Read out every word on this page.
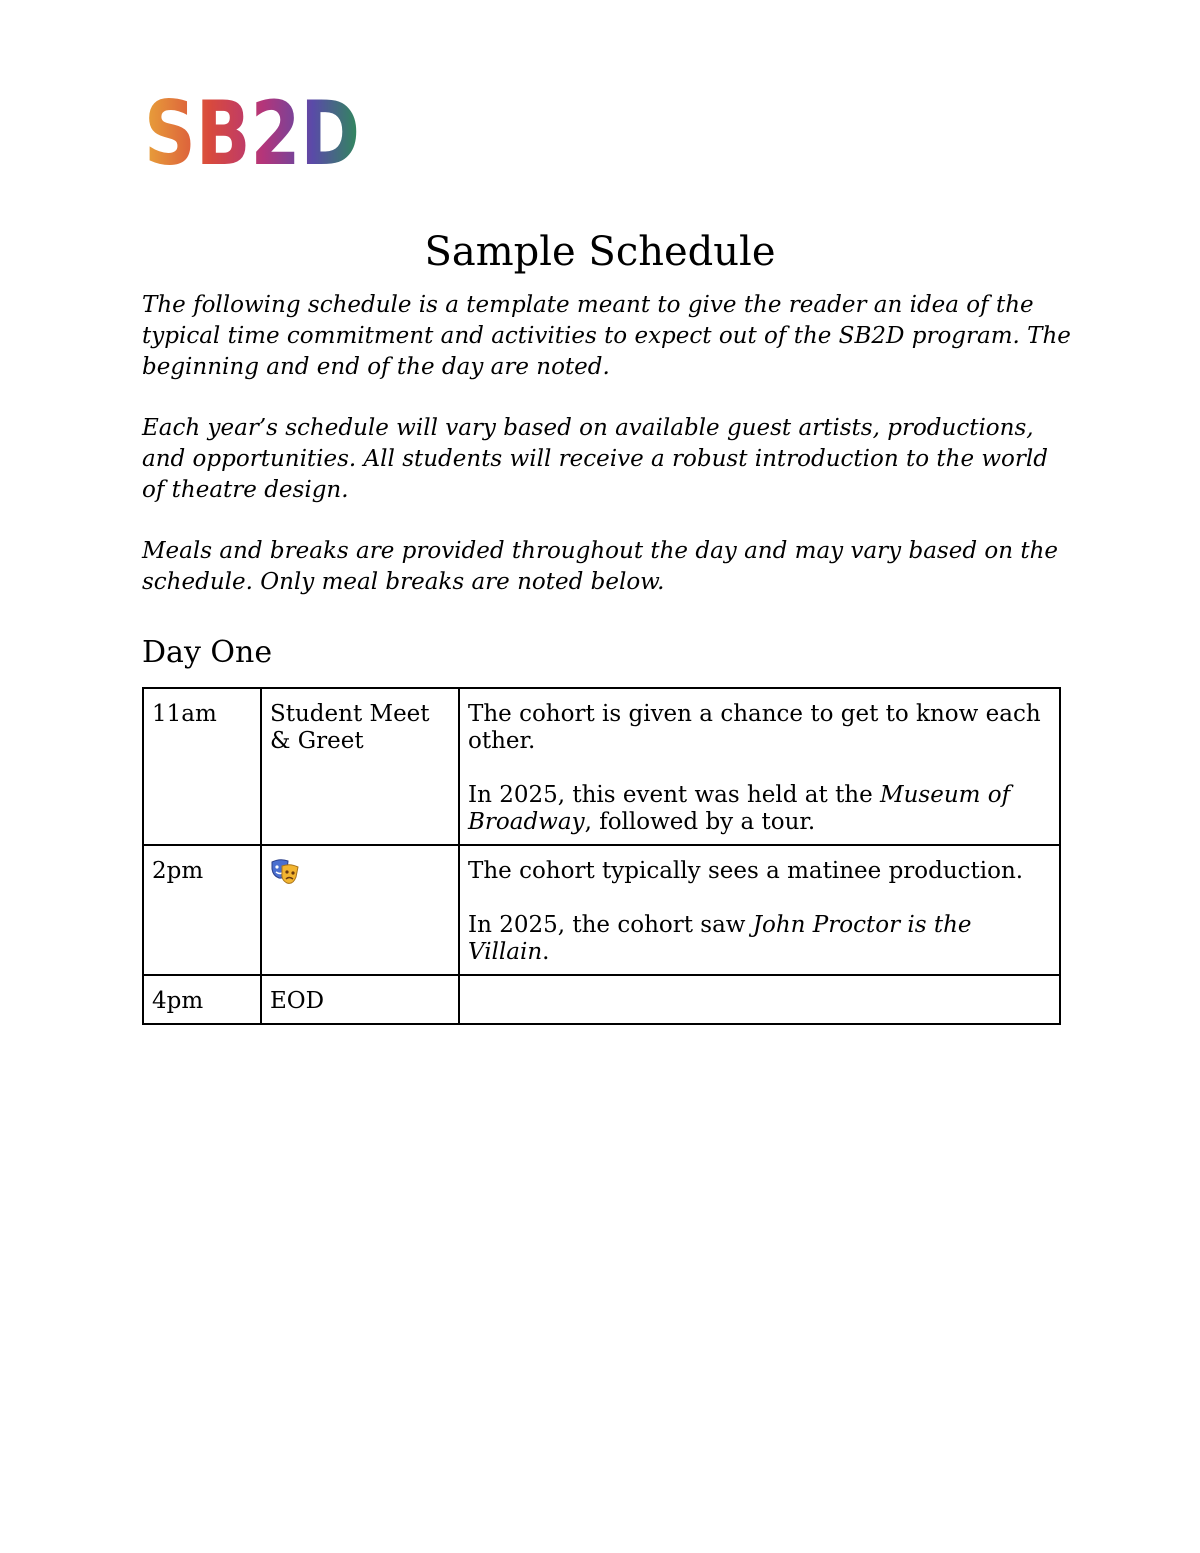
SB2D
Sample Schedule

The following schedule is a template meant to give the reader an idea of the typical time commitment and activities to expect out of the SB2D program. The beginning and end of the day are noted.

Each year’s schedule will vary based on available guest artists, productions, and opportunities. All students will receive a robust introduction to the world of theatre design.

Meals and breaks are provided throughout the day and may vary based on the schedule. Only meal breaks are noted below.

Day One
11am	Student Meet & Greet	The cohort is given a chance to get to know each other.

In 2025, this event was held at the Museum of Broadway, followed by a tour.

2pm		The cohort typically sees a matinee production.

In 2025, the cohort saw John Proctor is the Villain.

4pm	EOD	
